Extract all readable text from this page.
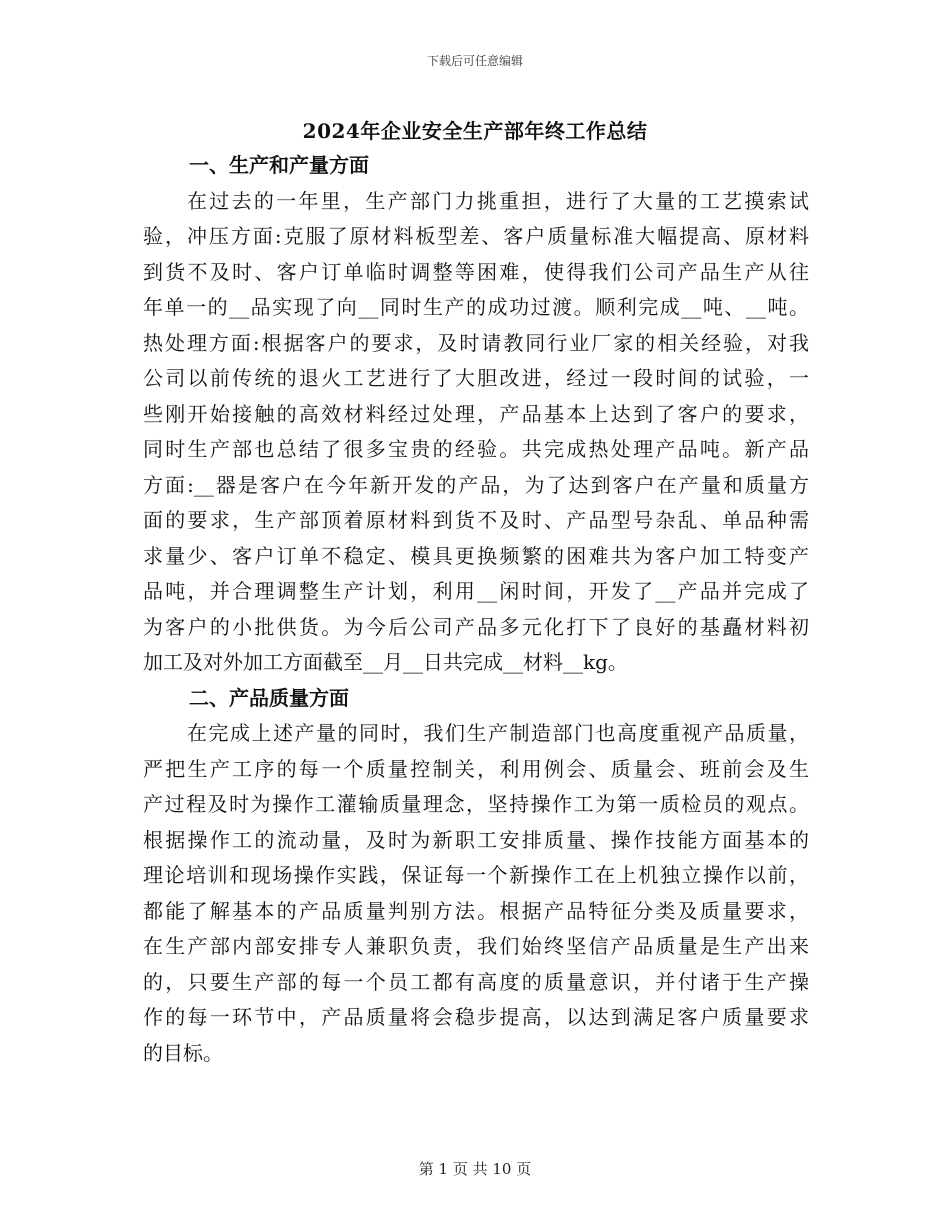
下载后可任意编辑
2024年企业安全生产部年终工作总结
一、生产和产量方面
在过去的一年里，生产部门力挑重担，进行了大量的工艺摸索试
验，冲压方面:克服了原材料板型差、客户质量标准大幅提高、原材料
到货不及时、客户订单临时调整等困难，使得我们公司产品生产从往
年单一的__品实现了向__同时生产的成功过渡。顺利完成__吨、__吨。
热处理方面:根据客户的要求，及时请教同行业厂家的相关经验，对我
公司以前传统的退火工艺进行了大胆改进，经过一段时间的试验，一
些刚开始接触的高效材料经过处理，产品基本上达到了客户的要求，
同时生产部也总结了很多宝贵的经验。共完成热处理产品吨。新产品
方面:__器是客户在今年新开发的产品，为了达到客户在产量和质量方
面的要求，生产部顶着原材料到货不及时、产品型号杂乱、单品种需
求量少、客户订单不稳定、模具更换频繁的困难共为客户加工特变产
品吨，并合理调整生产计划，利用__闲时间，开发了__产品并完成了
为客户的小批供货。为今后公司产品多元化打下了良好的基矗材料初
加工及对外加工方面截至__月__日共完成__材料__kg。
二、产品质量方面
在完成上述产量的同时，我们生产制造部门也高度重视产品质量，
严把生产工序的每一个质量控制关，利用例会、质量会、班前会及生
产过程及时为操作工灌输质量理念，坚持操作工为第一质检员的观点。
根据操作工的流动量，及时为新职工安排质量、操作技能方面基本的
理论培训和现场操作实践，保证每一个新操作工在上机独立操作以前，
都能了解基本的产品质量判别方法。根据产品特征分类及质量要求，
在生产部内部安排专人兼职负责，我们始终坚信产品质量是生产出来
的，只要生产部的每一个员工都有高度的质量意识，并付诸于生产操
作的每一环节中，产品质量将会稳步提高，以达到满足客户质量要求
的目标。
第 1 页 共 10 页
